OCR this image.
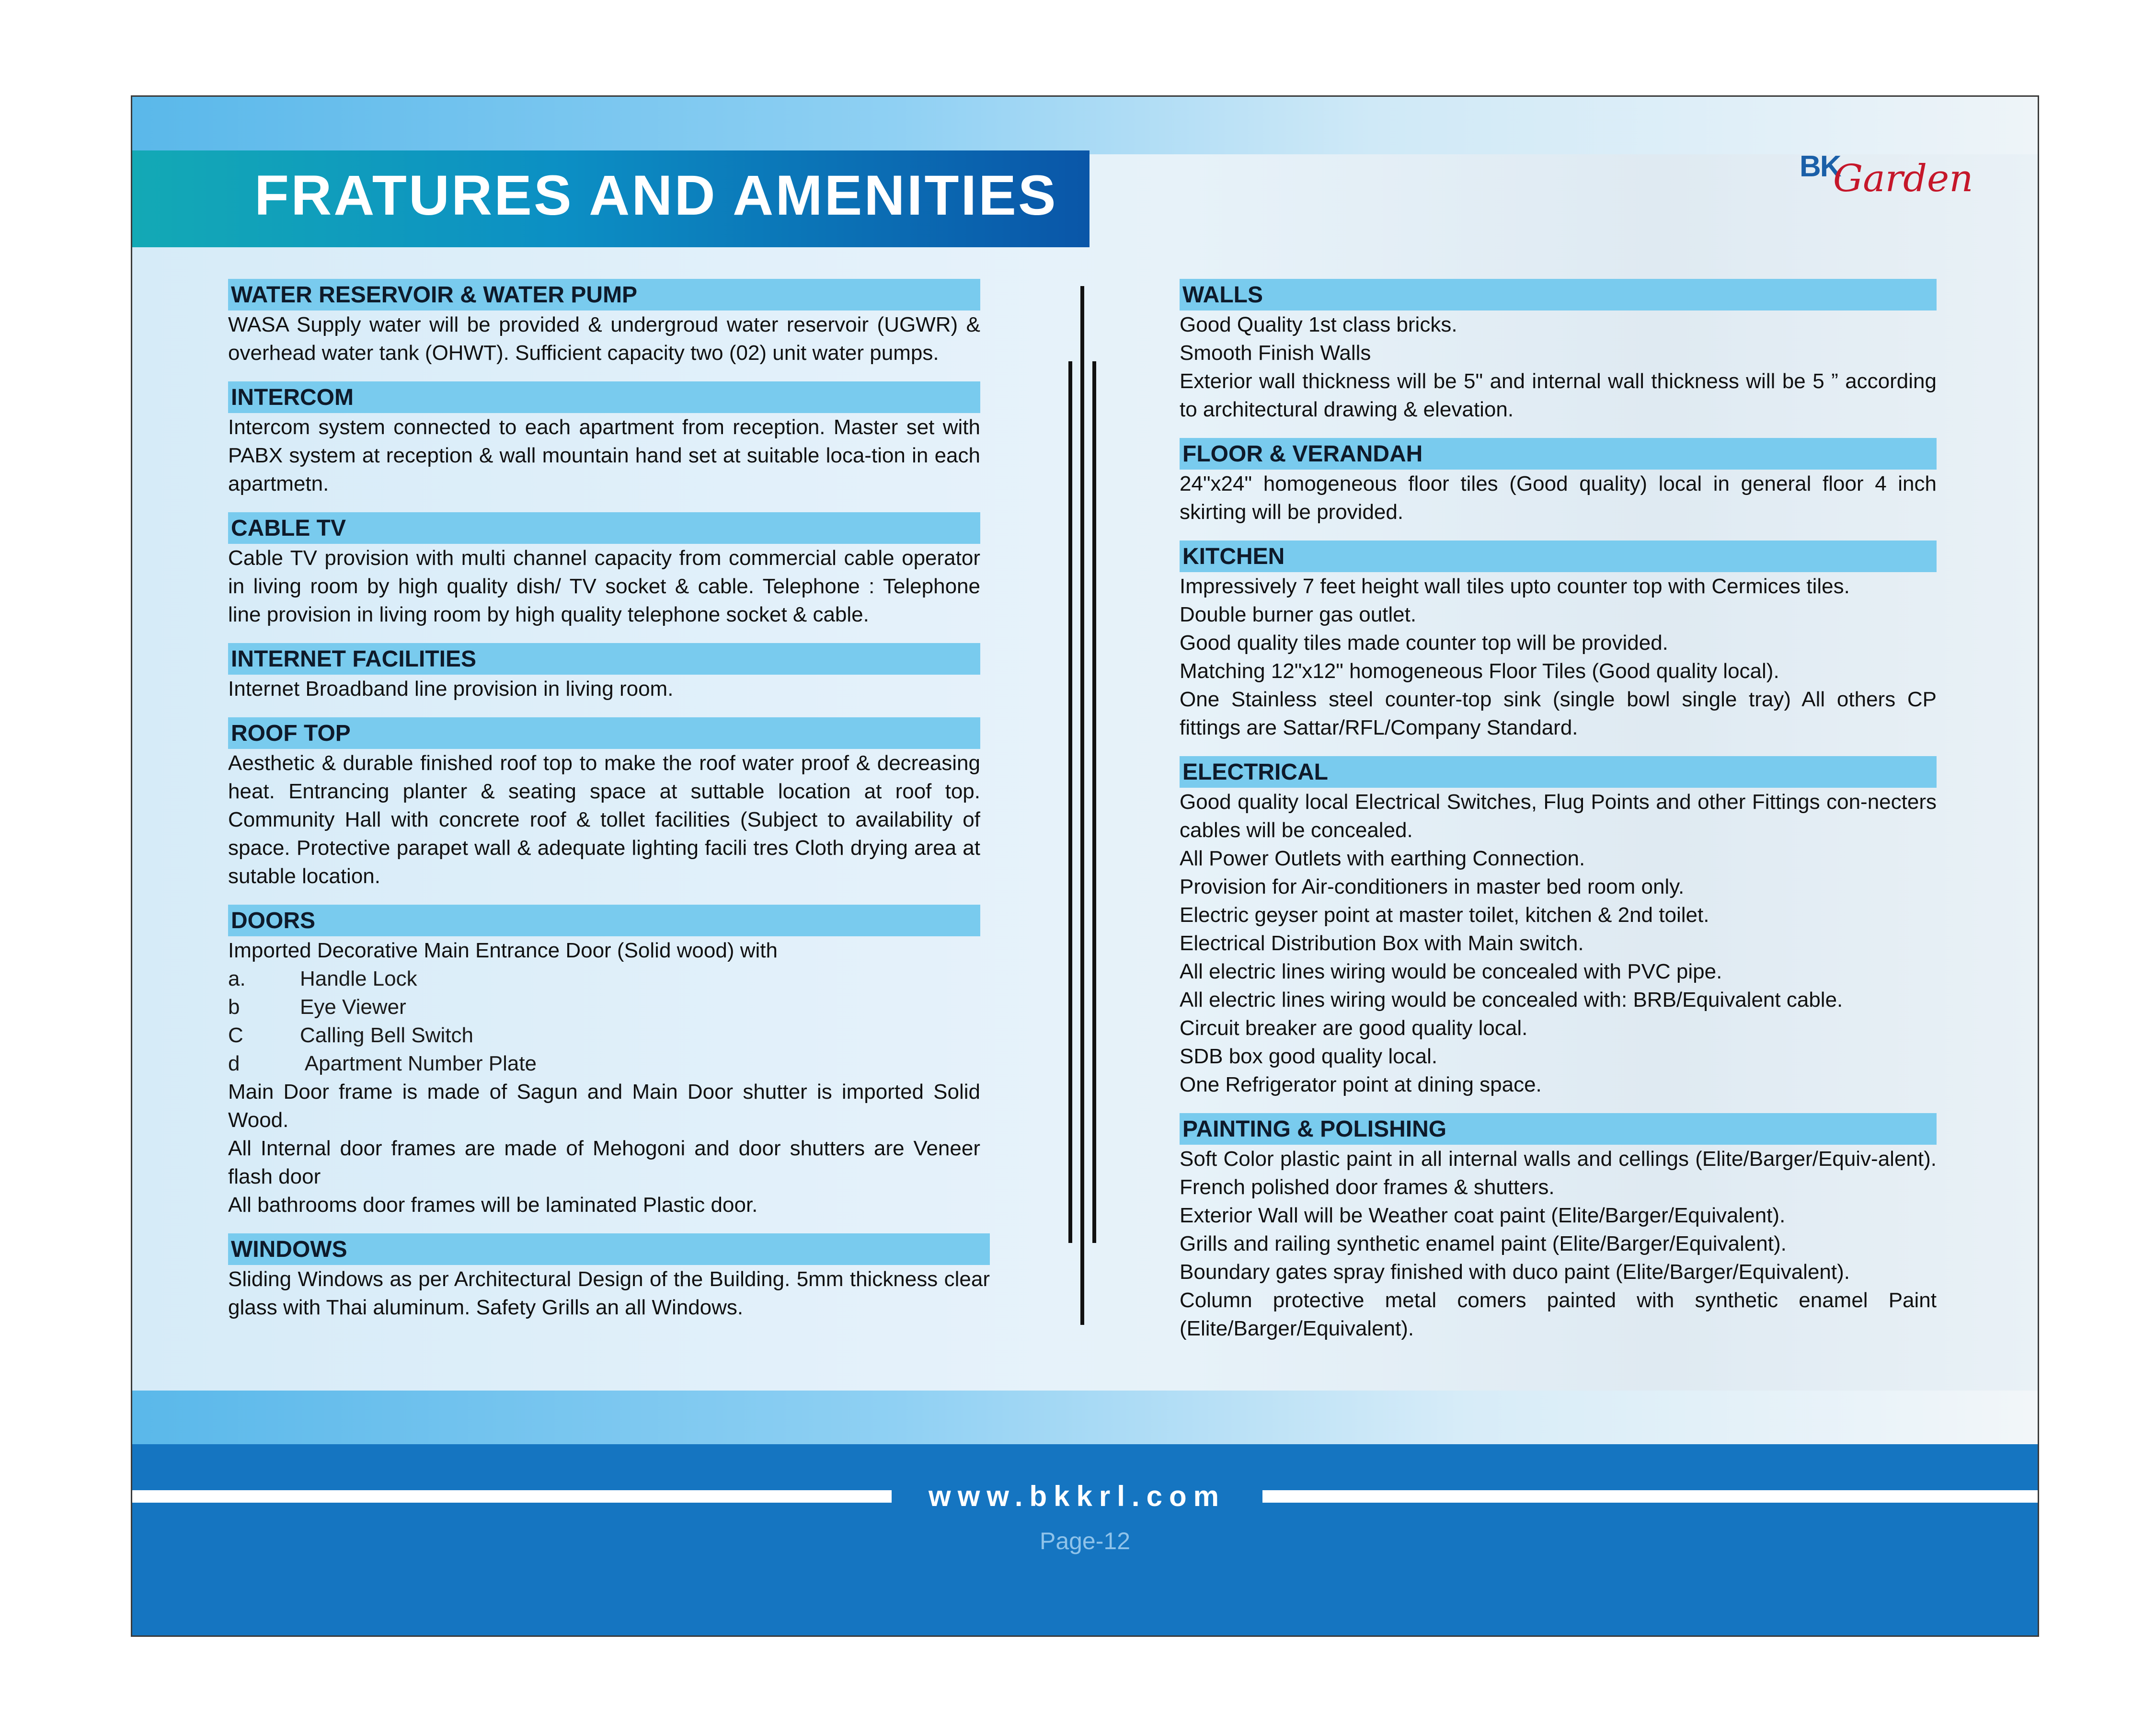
FRATURES AND AMENITIES	BK
Garden
WATER RESERVOIR & WATER PUMP

WASA Supply water will be provided & undergroud water reservoir (UGWR) & overhead water tank (OHWT). Sufficient capacity two (02) unit water pumps.

INTERCOM

Intercom system connected to each apartment from reception. Master set with PABX system at reception & wall mountain hand set at suitable loca-tion in each apartmetn.

CABLE TV

Cable TV provision with multi channel capacity from commercial cable operator in living room by high quality dish/ TV socket & cable. Telephone : Telephone line provision in living room by high quality telephone socket & cable.

INTERNET FACILITIES

Internet Broadband line provision in living room.

ROOF TOP

Aesthetic & durable finished roof top to make the roof water proof & decreasing heat. Entrancing planter & seating space at suttable location at roof top. Community Hall with concrete roof & tollet facilities (Subject to availability of space. Protective parapet wall & adequate lighting facili tres Cloth drying area at sutable location.

DOORS

Imported Decorative Main Entrance Door (Solid wood) with

a.	Handle Lock
b	Eye Viewer
C	Calling Bell Switch
d	Apartment Number Plate

Main Door frame is made of Sagun and Main Door shutter is imported Solid Wood.

All Internal door frames are made of Mehogoni and door shutters are Veneer flash door

All bathrooms door frames will be laminated Plastic door.

WINDOWS

Sliding Windows as per Architectural Design of the Building. 5mm thickness clear glass with Thai aluminum. Safety Grills an all Windows.

WALLS

Good Quality 1st class bricks.

Smooth Finish Walls

Exterior wall thickness will be 5" and internal wall thickness will be 5 ” according to architectural drawing & elevation.

FLOOR & VERANDAH

24"x24" homogeneous floor tiles (Good quality) local in general floor 4 inch skirting will be provided.

KITCHEN

Impressively 7 feet height wall tiles upto counter top with Cermices tiles.

Double burner gas outlet.

Good quality tiles made counter top will be provided.

Matching 12"x12" homogeneous Floor Tiles (Good quality local).

One Stainless steel counter-top sink (single bowl single tray) All others CP fittings are Sattar/RFL/Company Standard.

ELECTRICAL

Good quality local Electrical Switches, Flug Points and other Fittings con-necters cables will be concealed.

All Power Outlets with earthing Connection.

Provision for Air-conditioners in master bed room only.

Electric geyser point at master toilet, kitchen & 2nd toilet.

Electrical Distribution Box with Main switch.

All electric lines wiring would be concealed with PVC pipe.

All electric lines wiring would be concealed with: BRB/Equivalent cable.

Circuit breaker are good quality local.

SDB box good quality local.

One Refrigerator point at dining space.

PAINTING & POLISHING

Soft Color plastic paint in all internal walls and cellings (Elite/Barger/Equiv-alent). French polished door frames & shutters.

Exterior Wall will be Weather coat paint (Elite/Barger/Equivalent).

Grills and railing synthetic enamel paint (Elite/Barger/Equivalent).

Boundary gates spray finished with duco paint (Elite/Barger/Equivalent).

Column protective metal comers painted with synthetic enamel Paint (Elite/Barger/Equivalent).

www.bkkrl.com
Page-12
